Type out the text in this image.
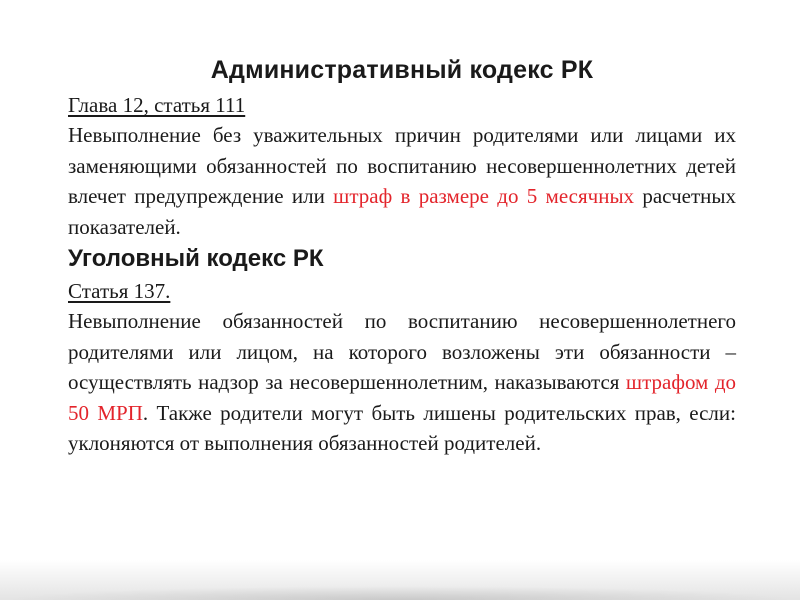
Административный кодекс РК

Глава 12, статья 111

Невыполнение без уважительных причин родителями или лицами их заменяющими обязанностей по воспитанию несовершеннолетних детей влечет предупреждение или штраф в размере до 5 месячных расчетных показателей.

Уголовный кодекс РК

Статья 137.

Невыполнение обязанностей по воспитанию несовершеннолетнего родителями или лицом, на которого возложены эти обязанности – осуществлять надзор за несовершеннолетним, наказываются штрафом до 50 МРП. Также родители могут быть лишены родительских прав, если: уклоняются от выполнения обязанностей родителей.
